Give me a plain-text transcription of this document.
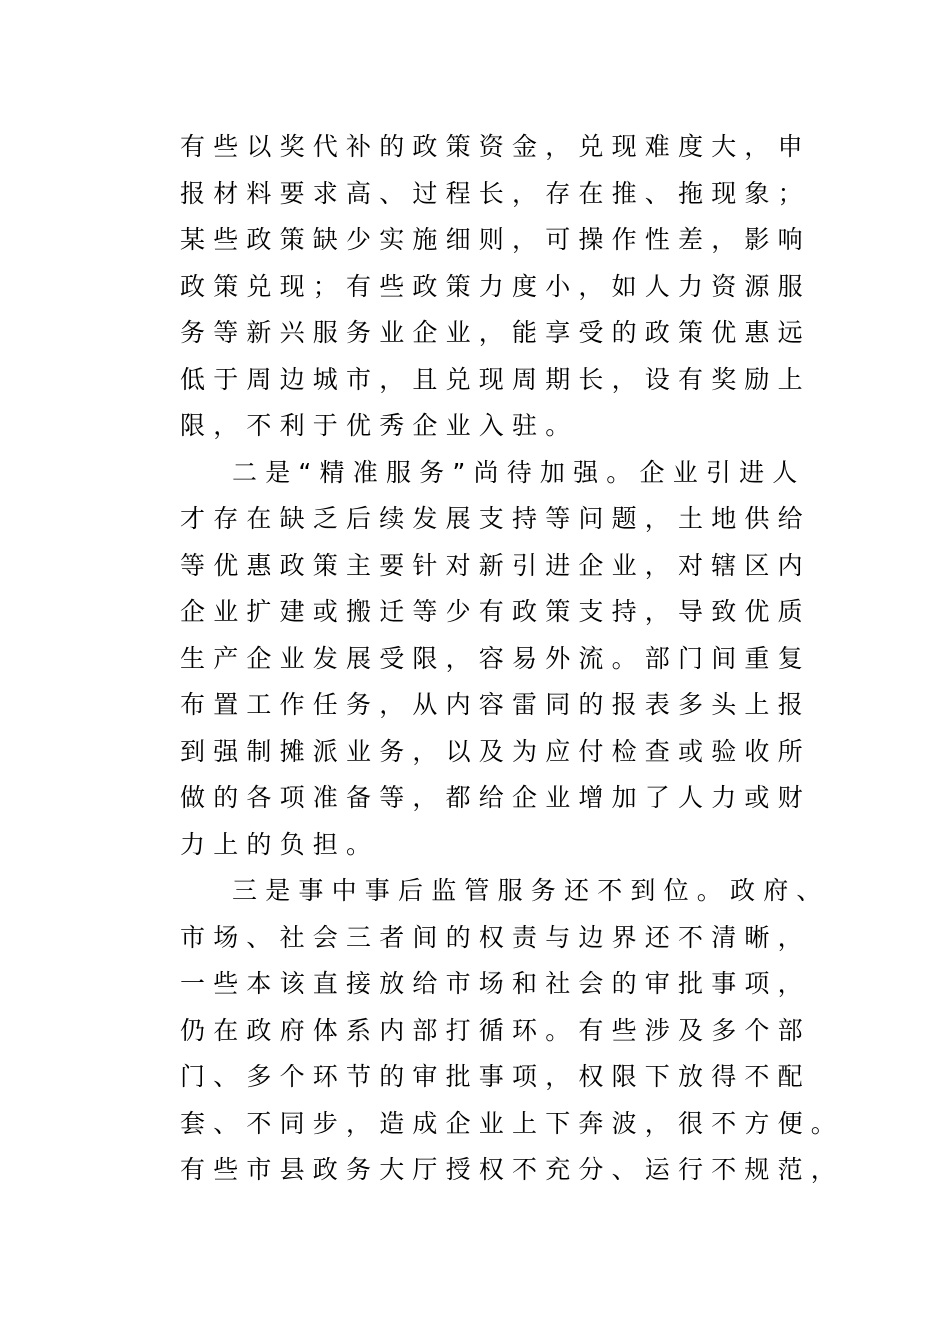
有些以奖代补的政策资金，兑现难度大，申
报材料要求高、过程长，存在推、拖现象；
某些政策缺少实施细则，可操作性差，影响
政策兑现；有些政策力度小，如人力资源服
务等新兴服务业企业，能享受的政策优惠远
低于周边城市，且兑现周期长，设有奖励上
限，不利于优秀企业入驻。
二是“精准服务”尚待加强。企业引进人
才存在缺乏后续发展支持等问题，土地供给
等优惠政策主要针对新引进企业，对辖区内
企业扩建或搬迁等少有政策支持，导致优质
生产企业发展受限，容易外流。部门间重复
布置工作任务，从内容雷同的报表多头上报
到强制摊派业务，以及为应付检查或验收所
做的各项准备等，都给企业增加了人力或财
力上的负担。
三是事中事后监管服务还不到位。政府、
市场、社会三者间的权责与边界还不清晰，
一些本该直接放给市场和社会的审批事项，
仍在政府体系内部打循环。有些涉及多个部
门、多个环节的审批事项，权限下放得不配
套、不同步，造成企业上下奔波，很不方便。
有些市县政务大厅授权不充分、运行不规范，
